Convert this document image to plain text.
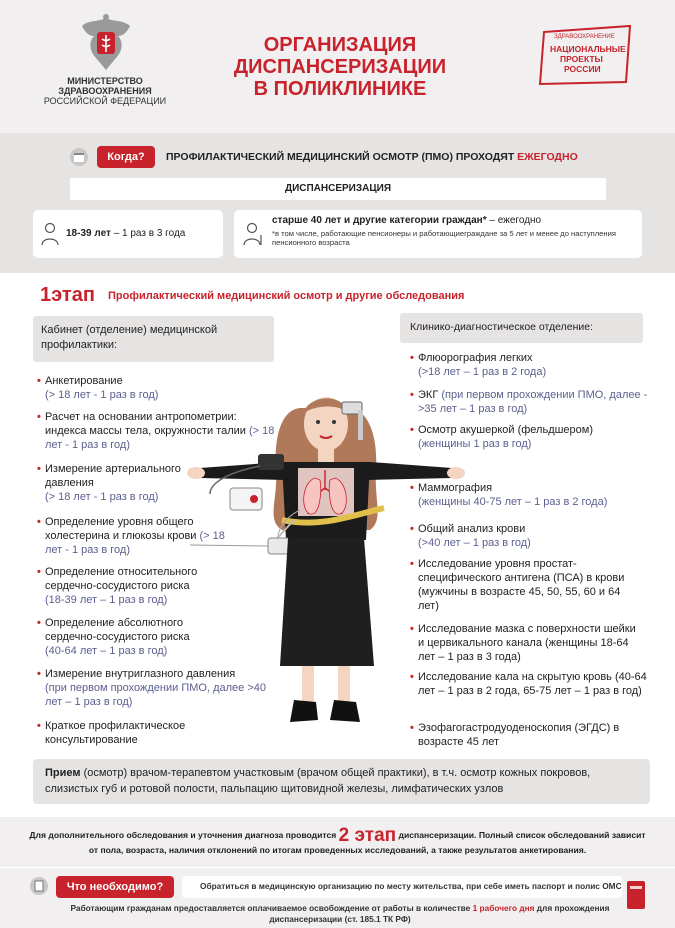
МИНИСТЕРСТВО
ЗДРАВООХРАНЕНИЯ
РОССИЙСКОЙ ФЕДЕРАЦИИ
ОРГАНИЗАЦИЯ
ДИСПАНСЕРИЗАЦИИ
В ПОЛИКЛИНИКЕ
ЗДРАВООХРАНЕНИЕ
НАЦИОНАЛЬНЫЕ
ПРОЕКТЫ
РОССИИ
Когда?	ПРОФИЛАКТИЧЕСКИЙ МЕДИЦИНСКИЙ ОСМОТР (ПМО) ПРОХОДЯТ ЕЖЕГОДНО
ДИСПАНСЕРИЗАЦИЯ
18-39 лет – 1 раз в 3 года
старше 40 лет и другие категории граждан* – ежегодно
*в том числе, работающие пенсионеры и работающиеграждане за 5 лет и менее до наступления пенсионного возраста
1этап Профилактический медицинский осмотр и другие обследования
Кабинет (отделение) медицинской профилактики:
Клинико-диагностическое отделение:
• Анкетирование
(> 18 лет - 1 раз в год)
• Расчет на основании антропометрии: индекса массы тела, окружности талии (> 18 лет - 1 раз в год)
• Измерение артериального давления
(> 18 лет - 1 раз в год)
• Определение уровня общего холестерина и глюкозы крови (> 18 лет - 1 раз в год)
• Определение относительного сердечно-сосудистого риска
(18-39 лет – 1 раз в год)
• Определение абсолютного сердечно-сосудистого риска
(40-64 лет – 1 раз в год)
• Измерение внутриглазного давления
(при первом прохождении ПМО, далее >40 лет – 1 раз в год)
• Краткое профилактическое консультирование
• Флюорография легких
(>18 лет – 1 раз в 2 года)
• ЭКГ (при первом прохождении ПМО, далее - >35 лет – 1 раз в год)
• Осмотр акушеркой (фельдшером)
(женщины 1 раз в год)
• Маммография
(женщины 40-75 лет – 1 раз в 2 года)
• Общий анализ крови
(>40 лет – 1 раз в год)
• Исследование уровня простат-специфического антигена (ПСА) в крови (мужчины в возрасте 45, 50, 55, 60 и 64 лет)
• Исследование мазка с поверхности шейки и цервикального канала (женщины 18-64 лет – 1 раз в 3 года)
• Исследование кала на скрытую кровь (40-64 лет – 1 раз в 2 года, 65-75 лет – 1 раз в год)
• Эзофагогастродуоденоскопия (ЭГДС) в возрасте 45 лет
Прием (осмотр) врачом-терапевтом участковым (врачом общей практики), в т.ч. осмотр кожных покровов, слизистых губ и ротовой полости, пальпацию щитовидной железы, лимфатических узлов
Для дополнительного обследования и уточнения диагноза проводится 2 этап диспансеризации. Полный список обследований зависит от пола, возраста, наличия отклонений по итогам проведенных исследований, а также результатов анкетирования.
Что необходимо?	Обратиться в медицинскую организацию по месту жительства, при себе иметь паспорт и полис ОМС
Работающим гражданам предоставляется оплачиваемое освобождение от работы в количестве 1 рабочего дня для прохождения диспансеризации (ст. 185.1 ТК РФ)
